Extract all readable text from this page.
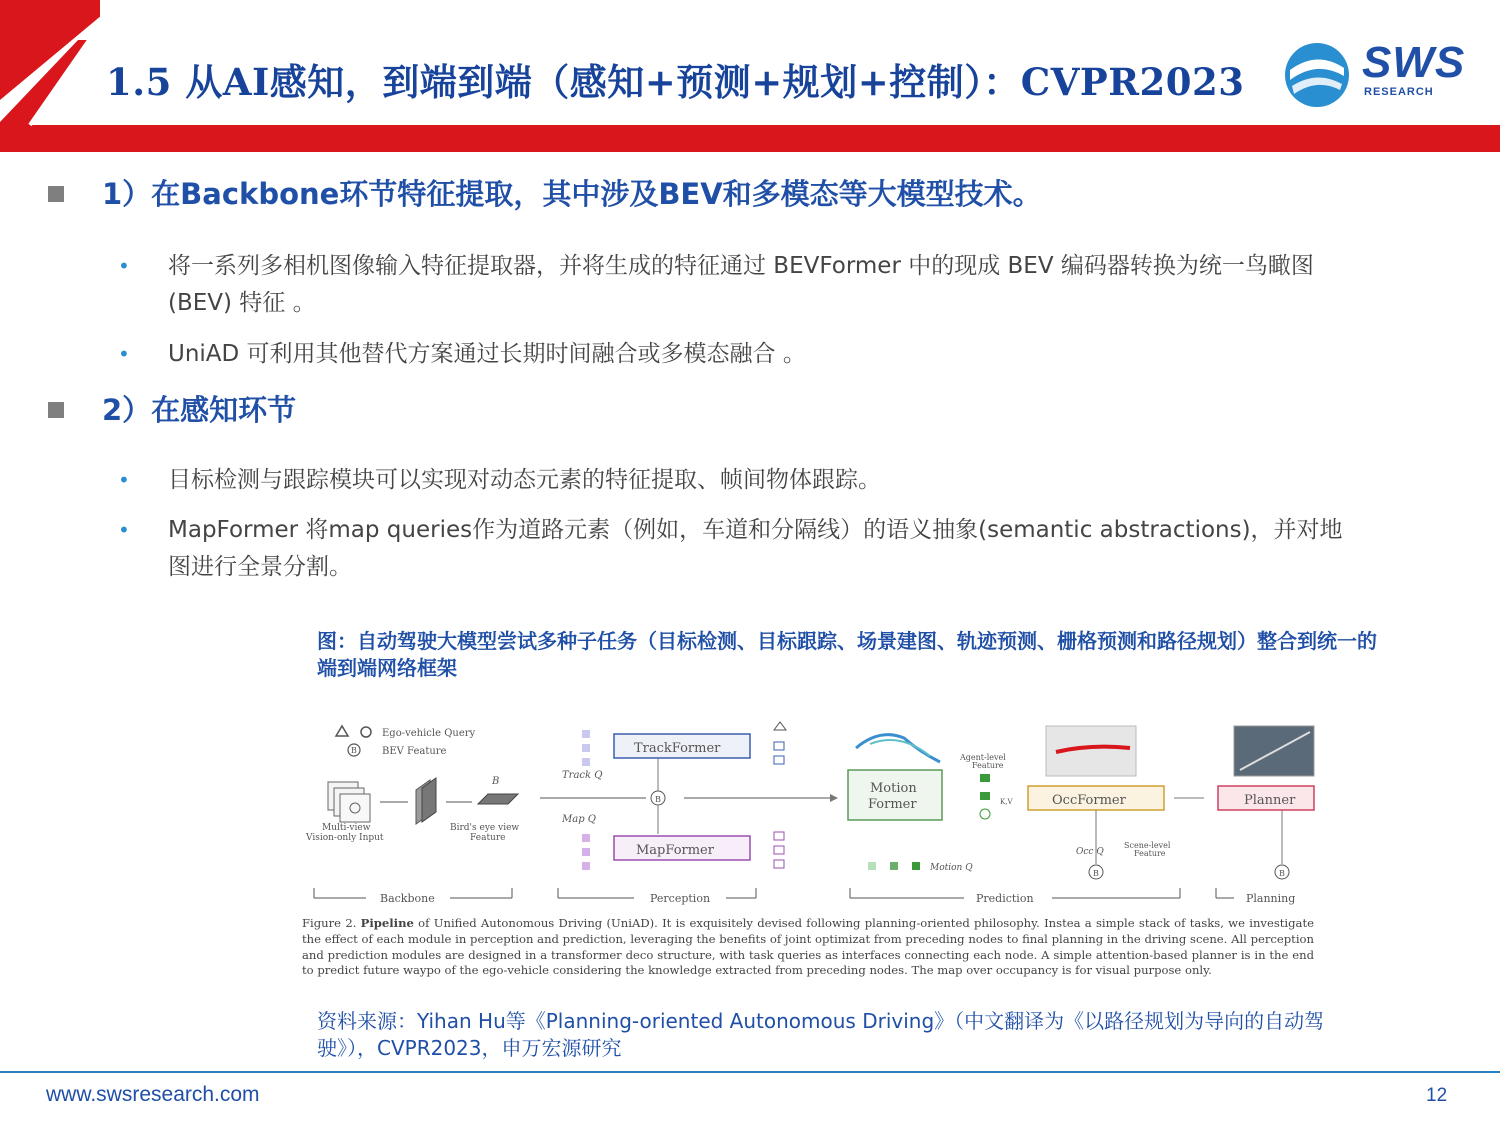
1.5 从AI感知，到端到端（感知+预测+规划+控制）：CVPR2023	SWS
RESEARCH
1）在Backbone环节特征提取，其中涉及BEV和多模态等大模型技术。
• 将一系列多相机图像输入特征提取器，并将生成的特征通过 BEVFormer 中的现成 BEV 编码器转换为统一鸟瞰图 (BEV) 特征 。
• UniAD 可利用其他替代方案通过长期时间融合或多模态融合 。
2）在感知环节
• 目标检测与跟踪模块可以实现对动态元素的特征提取、帧间物体跟踪。
• MapFormer 将map queries作为道路元素（例如，车道和分隔线）的语义抽象(semantic abstractions)，并对地图进行全景分割。
图：自动驾驶大模型尝试多种子任务（目标检测、目标跟踪、场景建图、轨迹预测、栅格预测和路径规划）整合到统一的端到端网络框架
Ego-vehicle Query
B	BEV Feature
Multi-view
Vision-only Input
B
Bird's eye view
Feature
Track Q
TrackFormer
B
Map Q
MapFormer
Motion
Former
Agent-level
Feature
K,V	OccFormer
Occ Q
Scene-level
Feature
B
Motion Q
Planner
B
Backbone	Perception	Prediction	Planning
Figure 2. Pipeline of Unified Autonomous Driving (UniAD). It is exquisitely devised following planning-oriented philosophy. Instea a simple stack of tasks, we investigate the effect of each module in perception and prediction, leveraging the benefits of joint optimizat from preceding nodes to final planning in the driving scene. All perception and prediction modules are designed in a transformer deco structure, with task queries as interfaces connecting each node. A simple attention-based planner is in the end to predict future waypo of the ego-vehicle considering the knowledge extracted from preceding nodes. The map over occupancy is for visual purpose only.
资料来源：Yihan Hu等《Planning-oriented Autonomous Driving》（中文翻译为《以路径规划为导向的自动驾驶》），CVPR2023，申万宏源研究
www.swsresearch.com	12
